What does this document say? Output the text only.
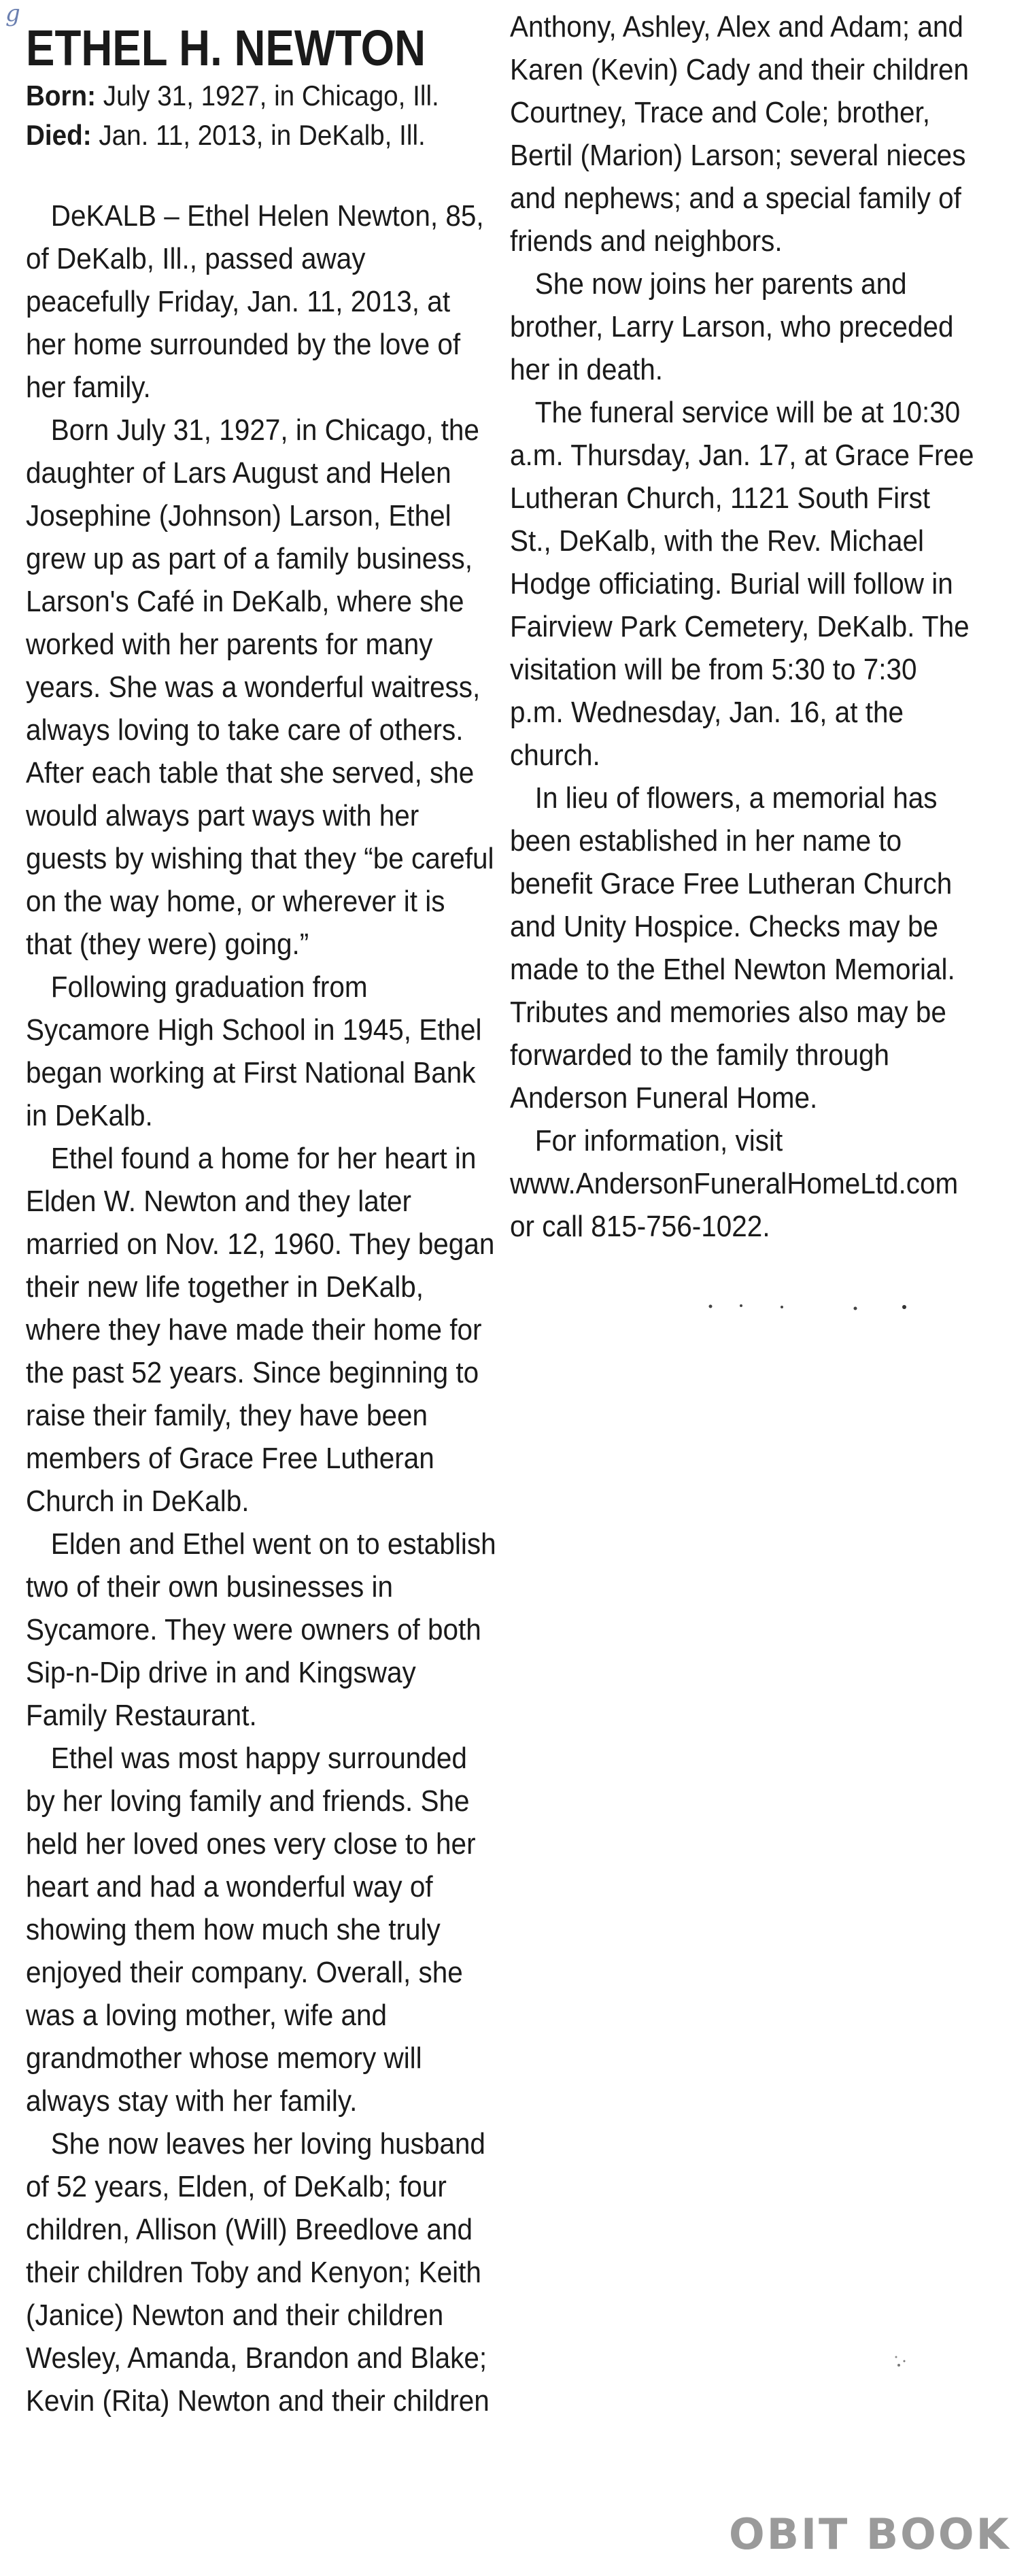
g
ETHEL H. NEWTON

Born: July 31, 1927, in Chicago, Ill.

Died: Jan. 11, 2013, in DeKalb, Ill.

DeKALB – Ethel Helen Newton, 85, of DeKalb, Ill., passed away peacefully Friday, Jan. 11, 2013, at her home surrounded by the love of her family.

Born July 31, 1927, in Chicago, the daughter of Lars August and Helen Josephine (Johnson) Larson, Ethel grew up as part of a family business, Larson's Café in DeKalb, where she worked with her parents for many years. She was a wonderful waitress, always loving to take care of others. After each table that she served, she would always part ways with her guests by wishing that they “be careful on the way home, or wherever it is that (they were) going.”

Following graduation from Sycamore High School in 1945, Ethel began working at First National Bank in DeKalb.

Ethel found a home for her heart in Elden W. Newton and they later married on Nov. 12, 1960. They began their new life together in DeKalb, where they have made their home for the past 52 years. Since beginning to raise their family, they have been members of Grace Free Lutheran Church in DeKalb.

Elden and Ethel went on to establish two of their own businesses in Sycamore. They were owners of both Sip-n-Dip drive in and Kingsway Family Restaurant.

Ethel was most happy surrounded by her loving family and friends. She held her loved ones very close to her heart and had a wonderful way of showing them how much she truly enjoyed their company. Overall, she was a loving mother, wife and grandmother whose memory will always stay with her family.

She now leaves her loving husband of 52 years, Elden, of DeKalb; four children, Allison (Will) Breedlove and their children Toby and Kenyon; Keith (Janice) Newton and their children Wesley, Amanda, Brandon and Blake; Kevin (Rita) Newton and their children

Anthony, Ashley, Alex and Adam; and Karen (Kevin) Cady and their children Courtney, Trace and Cole; brother, Bertil (Marion) Larson; several nieces and nephews; and a special family of friends and neighbors.

She now joins her parents and brother, Larry Larson, who preceded her in death.

The funeral service will be at 10:30 a.m. Thursday, Jan. 17, at Grace Free Lutheran Church, 1121 South First St., DeKalb, with the Rev. Michael Hodge officiating. Burial will follow in Fairview Park Cemetery, DeKalb. The visitation will be from 5:30 to 7:30 p.m. Wednesday, Jan. 16, at the church.

In lieu of flowers, a memorial has been established in her name to benefit Grace Free Lutheran Church and Unity Hospice. Checks may be made to the Ethel Newton Memorial. Tributes and memories also may be forwarded to the family through Anderson Funeral Home.

For information, visit www.AndersonFuneralHomeLtd.com or call 815-756-1022.

OBIT BOOK
